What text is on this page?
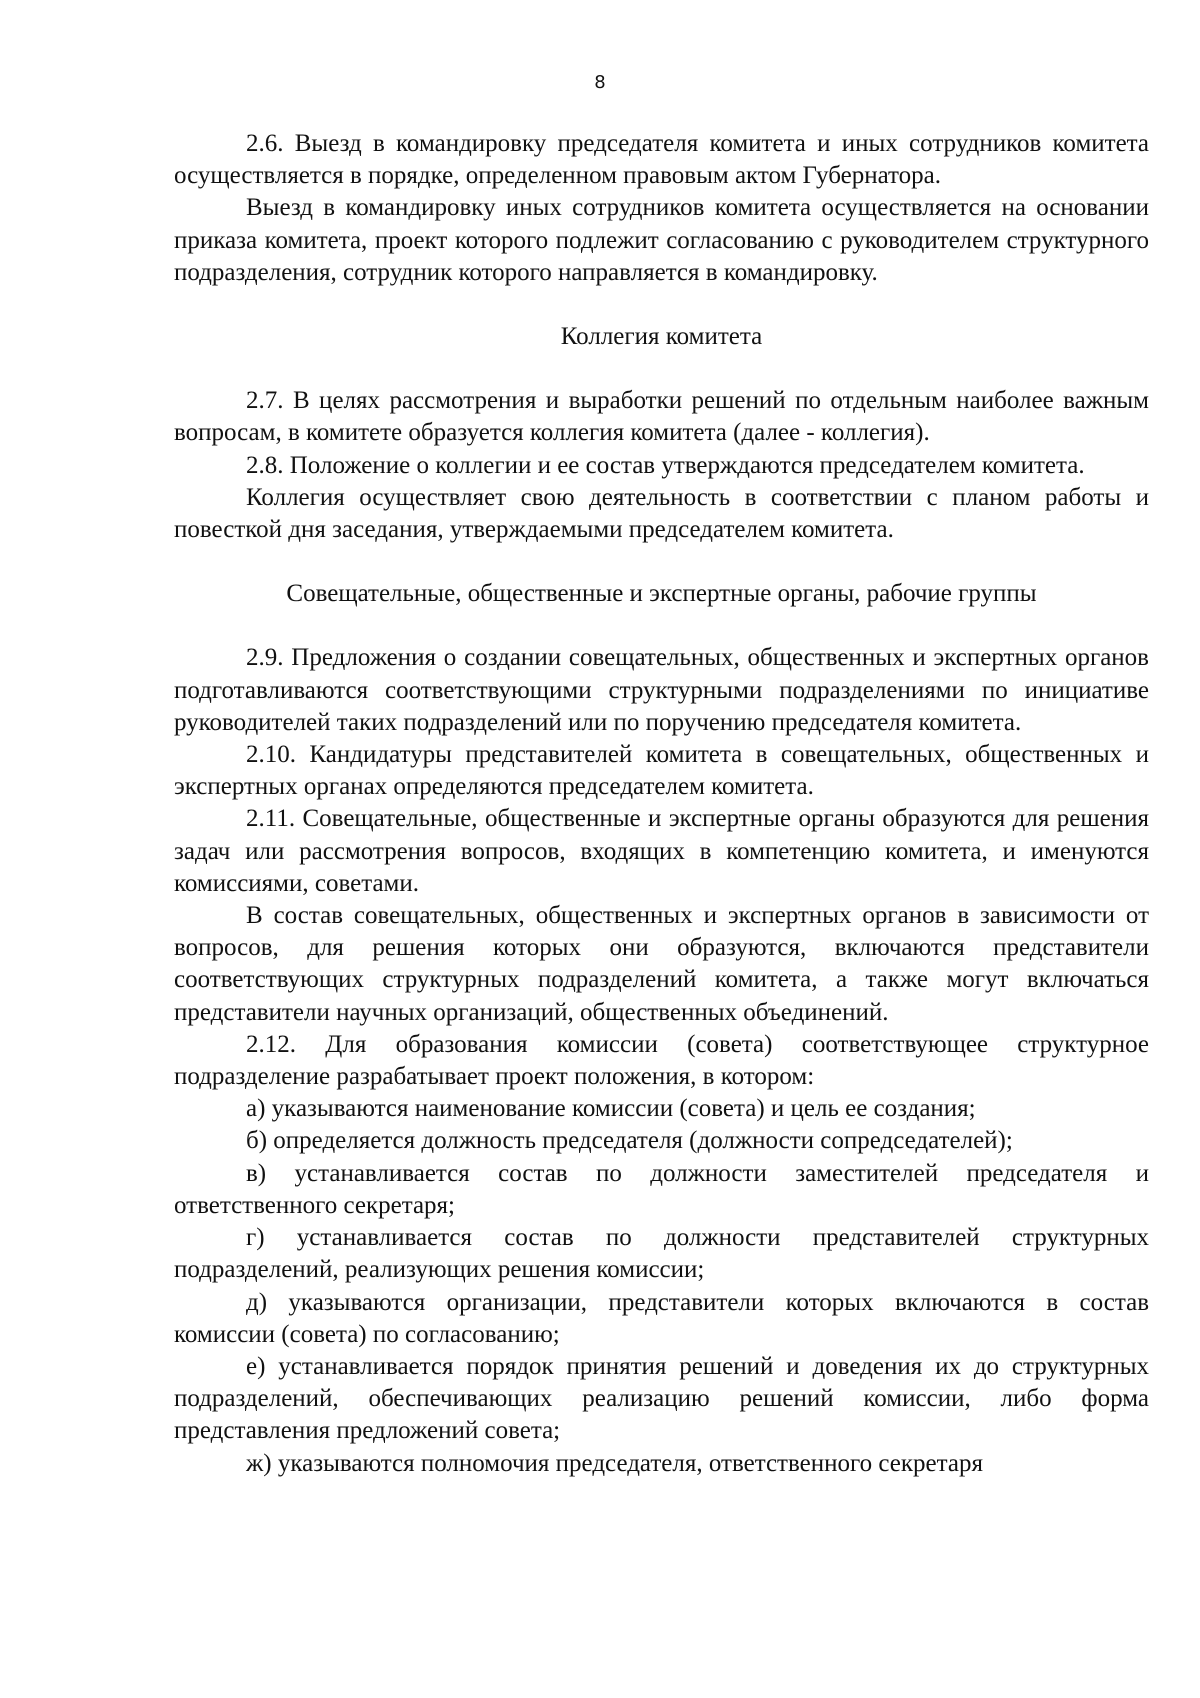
8

2.6. Выезд в командировку председателя комитета и иных сотрудников комитета осуществляется в порядке, определенном правовым актом Губернатора.

Выезд в командировку иных сотрудников комитета осуществляется на основании приказа комитета, проект которого подлежит согласованию с руководителем структурного подразделения, сотрудник которого направляется в командировку.

Коллегия комитета

2.7. В целях рассмотрения и выработки решений по отдельным наиболее важным вопросам, в комитете образуется коллегия комитета (далее - коллегия).

2.8. Положение о коллегии и ее состав утверждаются председателем комитета.

Коллегия осуществляет свою деятельность в соответствии с планом работы и повесткой дня заседания, утверждаемыми председателем комитета.

Совещательные, общественные и экспертные органы, рабочие группы

2.9. Предложения о создании совещательных, общественных и экспертных органов подготавливаются соответствующими структурными подразделениями по инициативе руководителей таких подразделений или по поручению председателя комитета.

2.10. Кандидатуры представителей комитета в совещательных, общественных и экспертных органах определяются председателем комитета.

2.11. Совещательные, общественные и экспертные органы образуются для решения задач или рассмотрения вопросов, входящих в компетенцию комитета, и именуются комиссиями, советами.

В состав совещательных, общественных и экспертных органов в зависимости от вопросов, для решения которых они образуются, включаются представители соответствующих структурных подразделений комитета, а также могут включаться представители научных организаций, общественных объединений.

2.12. Для образования комиссии (совета) соответствующее структурное подразделение разрабатывает проект положения, в котором:

а) указываются наименование комиссии (совета) и цель ее создания;

б) определяется должность председателя (должности сопредседателей);

в) устанавливается состав по должности заместителей председателя и ответственного секретаря;

г) устанавливается состав по должности представителей структурных подразделений, реализующих решения комиссии;

д) указываются организации, представители которых включаются в состав комиссии (совета) по согласованию;

е) устанавливается порядок принятия решений и доведения их до структурных подразделений, обеспечивающих реализацию решений комиссии, либо форма представления предложений совета;

ж) указываются полномочия председателя, ответственного секретаря
